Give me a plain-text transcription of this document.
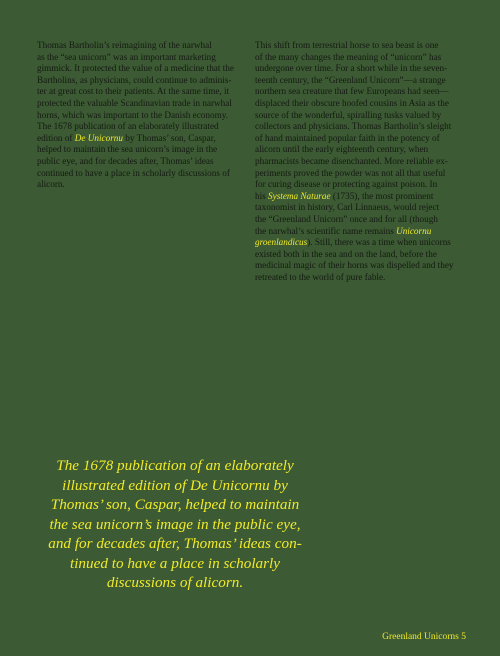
Thomas Bartholin’s reimagining of the narwhal
as the “sea unicorn” was an important marketing
gimmick. It protected the value of a medicine that the
Bartholins, as physicians, could continue to adminis-
ter at great cost to their patients. At the same time, it
protected the valuable Scandinavian trade in narwhal
horns, which was important to the Danish economy.
The 1678 publication of an elaborately illustrated
edition of De Unicornu by Thomas’ son, Caspar,
helped to maintain the sea unicorn’s image in the
public eye, and for decades after, Thomas’ ideas
continued to have a place in scholarly discussions of
alicorn.
This shift from terrestrial horse to sea beast is one
of the many changes the meaning of “unicorn” has
undergone over time. For a short while in the seven-
teenth century, the “Greenland Unicorn”—a strange
northern sea creature that few Europeans had seen—
displaced their obscure hoofed cousins in Asia as the
source of the wonderful, spiralling tusks valued by
collectors and physicians. Thomas Bartholin’s sleight
of hand maintained popular faith in the potency of
alicorn until the early eighteenth century, when
pharmacists became disenchanted. More reliable ex-
periments proved the powder was not all that useful
for curing disease or protecting against poison. In
his Systema Naturae (1735), the most prominent
taxonomist in history, Carl Linnaeus, would reject
the “Greenland Unicorn” once and for all (though
the narwhal’s scientific name remains Unicornu
groenlandicus). Still, there was a time when unicorns
existed both in the sea and on the land, before the
medicinal magic of their horns was dispelled and they
retreated to the world of pure fable.
The 1678 publication of an elaborately
illustrated edition of De Unicornu by
Thomas’ son, Caspar, helped to maintain
the sea unicorn’s image in the public eye,
and for decades after, Thomas’ ideas con-
tinued to have a place in scholarly
discussions of alicorn.
Greenland Unicorns 5
